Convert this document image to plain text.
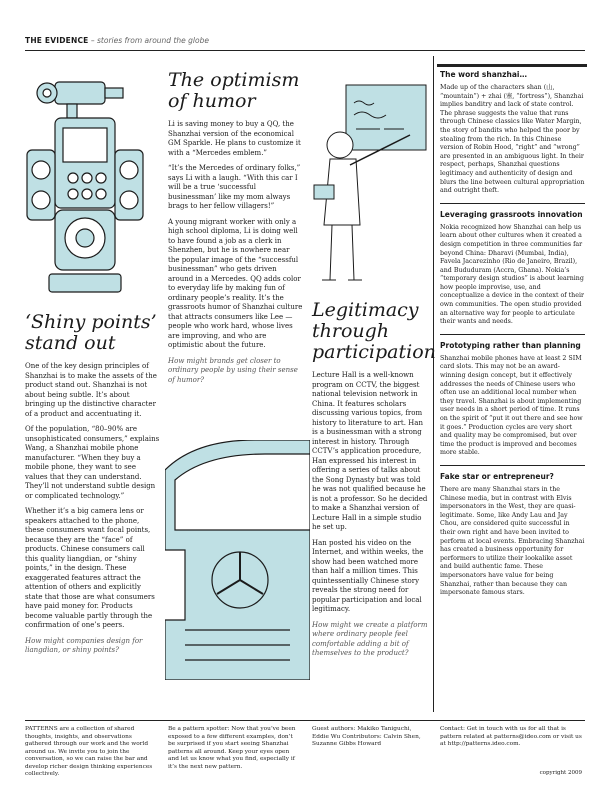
THE EVIDENCE – stories from around the globe
‘Shiny points’ stand out

One of the key design principles of Shanzhai is to make the assets of the product stand out. Shanzhai is not about being subtle. It’s about bringing up the distinctive character of a product and accentuating it.

Of the population, “80–90% are unsophisticated consumers,” explains Wang, a Shanzhai mobile phone manufacturer. “When they buy a mobile phone, they want to see values that they can understand. They’ll not understand subtle design or complicated technology.”

Whether it’s a big camera lens or speakers attached to the phone, these consumers want focal points, because they are the “face” of products. Chinese consumers call this quality liangdian, or “shiny points,” in the design. These exaggerated features attract the attention of others and explicitly state that those are what consumers have paid money for. Products become valuable partly through the confirmation of one’s peers.

How might companies design for liangdian, or shiny points?

The optimism of humor

Li is saving money to buy a QQ, the Shanzhai version of the economical GM Sparkle. He plans to customize it with a “Mercedes emblem.”

“It’s the Mercedes of ordinary folks,” says Li with a laugh. “With this car I will be a true ‘successful businessman’ like my mom always brags to her fellow villagers!”

A young migrant worker with only a high school diploma, Li is doing well to have found a job as a clerk in Shenzhen, but he is nowhere near the popular image of the “successful businessman” who gets driven around in a Mercedes. QQ adds color to everyday life by making fun of ordinary people’s reality. It’s the grassroots humor of Shanzhai culture that attracts consumers like Lee — people who work hard, whose lives are improving, and who are optimistic about the future.

How might brands get closer to ordinary people by using their sense of humor?

Legitimacy through participation

Lecture Hall is a well-known program on CCTV, the biggest national television network in China. It features scholars discussing various topics, from history to literature to art. Han is a businessman with a strong interest in history. Through CCTV’s application procedure, Han expressed his interest in offering a series of talks about the Song Dynasty but was told he was not qualified because he is not a professor. So he decided to make a Shanzhai version of Lecture Hall in a simple studio he set up.

Han posted his video on the Internet, and within weeks, the show had been watched more than half a million times. This quintessentially Chinese story reveals the strong need for popular participation and local legitimacy.

How might we create a platform where ordinary people feel comfortable adding a bit of themselves to the product?

The word shanzhai…

Made up of the characters shan (山, “mountain”) + zhai (寨, “fortress”), Shanzhai implies banditry and lack of state control. The phrase suggests the value that runs through Chinese classics like Water Margin, the story of bandits who helped the poor by stealing from the rich. In this Chinese version of Robin Hood, “right” and “wrong” are presented in an ambiguous light. In their respect, perhaps, Shanzhai questions legitimacy and authenticity of design and blurs the line between cultural appropriation and outright theft.

Leveraging grassroots innovation

Nokia recognized how Shanzhai can help us learn about other cultures when it created a design competition in three communities far beyond China: Dharavi (Mumbai, India), Favela Jacarezinho (Rio de Janeiro, Brazil), and Bududuram (Accra, Ghana). Nokia’s “temporary design studios” is about learning how people improvise, use, and conceptualize a device in the context of their own communities. The open studio provided an alternative way for people to articulate their wants and needs.

Prototyping rather than planning

Shanzhai mobile phones have at least 2 SIM card slots. This may not be an award-winning design concept, but it effectively addresses the needs of Chinese users who often use an additional local number when they travel. Shanzhai is about implementing user needs in a short period of time. It runs on the spirit of “put it out there and see how it goes.” Production cycles are very short and quality may be compromised, but over time the product is improved and becomes more stable.

Fake star or entrepreneur?

There are many Shanzhai stars in the Chinese media, but in contrast with Elvis impersonators in the West, they are quasi-legitimate. Some, like Andy Lau and Jay Chou, are considered quite successful in their own right and have been invited to perform at local events. Embracing Shanzhai has created a business opportunity for performers to utilize their lookalike asset and build authentic fame. These impersonators have value for being Shanzhai, rather than because they can impersonate famous stars.

PATTERNS are a collection of shared thoughts, insights, and observations gathered through our work and the world around us. We invite you to join the conversation, so we can raise the bar and develop richer design thinking experiences collectively.
Be a pattern spotter: Now that you’ve been exposed to a few different examples, don’t be surprised if you start seeing Shanzhai patterns all around. Keep your eyes open and let us know what you find, especially if it’s the next new pattern.
Guest authors: Makiko Taniguchi, Eddie Wu Contributors: Calvin Shen, Suzanne Gibbs Howard
Contact: Get in touch with us for all that is pattern related at patterns@ideo.com or visit us at http://patterns.ideo.com.
copyright 2009
